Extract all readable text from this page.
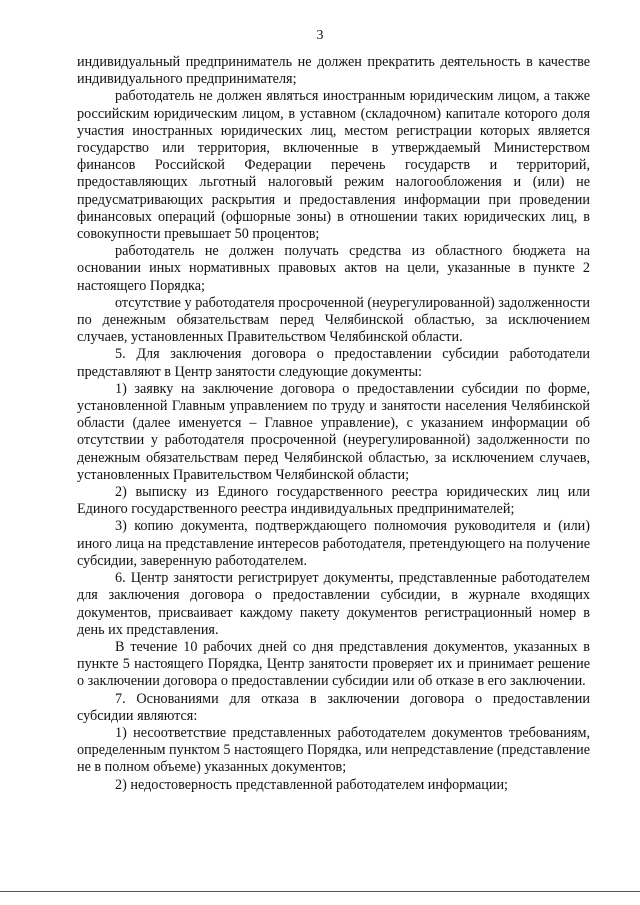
3

индивидуальный предприниматель не должен прекратить деятельность в качестве индивидуального предпринимателя;

работодатель не должен являться иностранным юридическим лицом, а также российским юридическим лицом, в уставном (складочном) капитале которого доля участия иностранных юридических лиц, местом регистрации которых является государство или территория, включенные в утверждаемый Министерством финансов Российской Федерации перечень государств и территорий, предоставляющих льготный налоговый режим налогообложения и (или) не предусматривающих раскрытия и предоставления информации при проведении финансовых операций (офшорные зоны) в отношении таких юридических лиц, в совокупности превышает 50 процентов;

работодатель не должен получать средства из областного бюджета на основании иных нормативных правовых актов на цели, указанные в пункте 2 настоящего Порядка;

отсутствие у работодателя просроченной (неурегулированной) задолженности по денежным обязательствам перед Челябинской областью, за исключением случаев, установленных Правительством Челябинской области.

5. Для заключения договора о предоставлении субсидии работодатели представляют в Центр занятости следующие документы:

1) заявку на заключение договора о предоставлении субсидии по форме, установленной Главным управлением по труду и занятости населения Челябинской области (далее именуется – Главное управление), с указанием информации об отсутствии у работодателя просроченной (неурегулированной) задолженности по денежным обязательствам перед Челябинской областью, за исключением случаев, установленных Правительством Челябинской области;

2) выписку из Единого государственного реестра юридических лиц или Единого государственного реестра индивидуальных предпринимателей;

3) копию документа, подтверждающего полномочия руководителя и (или) иного лица на представление интересов работодателя, претендующего на получение субсидии, заверенную работодателем.

6. Центр занятости регистрирует документы, представленные работодателем для заключения договора о предоставлении субсидии, в журнале входящих документов, присваивает каждому пакету документов регистрационный номер в день их представления.

В течение 10 рабочих дней со дня представления документов, указанных в пункте 5 настоящего Порядка, Центр занятости проверяет их и принимает решение о заключении договора о предоставлении субсидии или об отказе в его заключении.

7. Основаниями для отказа в заключении договора о предоставлении субсидии являются:

1) несоответствие представленных работодателем документов требованиям, определенным пунктом 5 настоящего Порядка, или непредставление (представление не в полном объеме) указанных документов;

2) недостоверность представленной работодателем информации;
